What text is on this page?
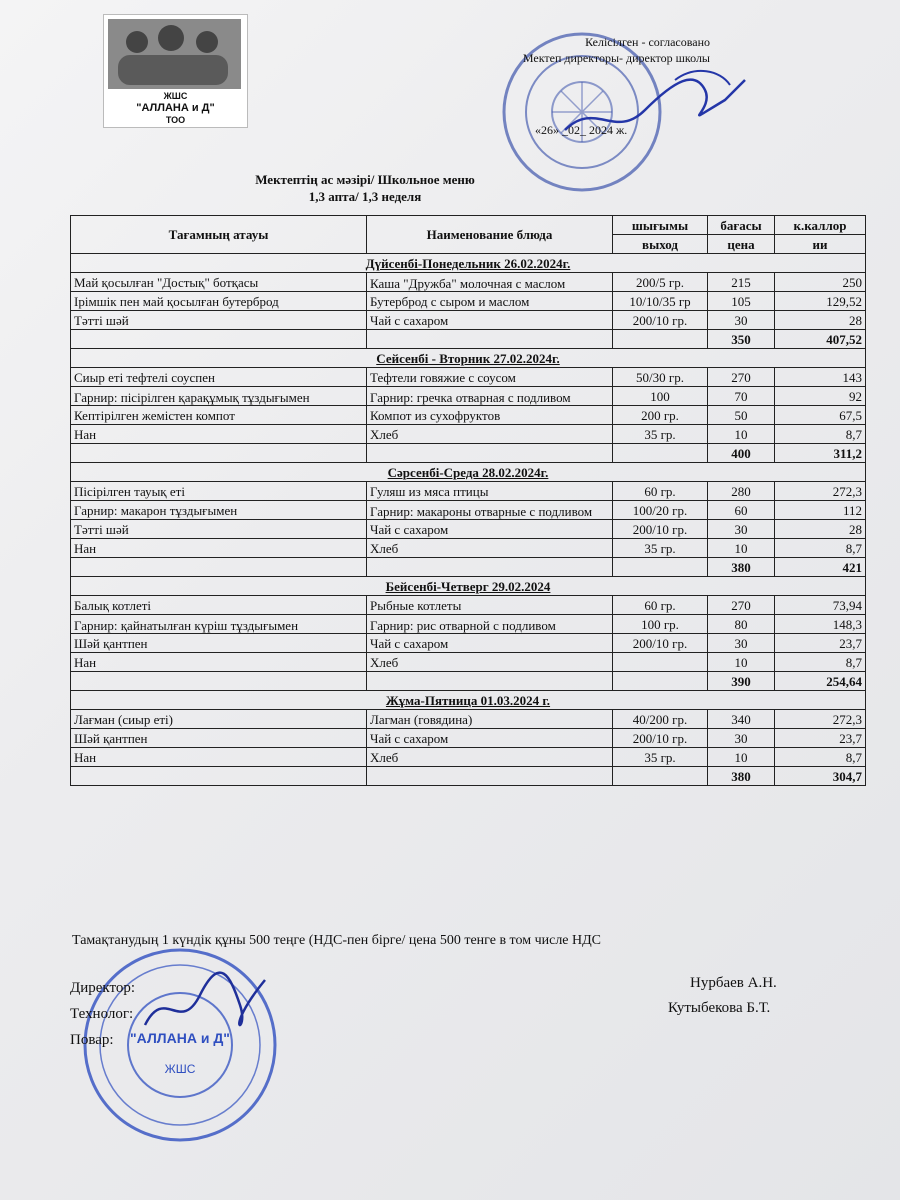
ЖШС
"АЛЛАНА и Д"
ТОО
Келісілген - согласовано
Мектеп директоры- директор школы
«26» _02_ 2024 ж.
Мектептің ас мәзірі/ Школьное меню
1,3 апта/ 1,3 неделя
Тағамның атауы	Наименование блюда	шығымы	бағасы	к.каллор
		выход	цена	ии
Дүйсенбі-Понедельник 26.02.2024г.				
Май қосылған "Достық" ботқасы	Каша "Дружба" молочная с маслом	200/5 гр.	215	250
Ірімшік пен май қосылған бутерброд	Бутерброд с сыром и маслом	10/10/35 гр	105	129,52
Тәтті шәй	Чай с сахаром	200/10 гр.	30	28
			350	407,52
Сейсенбі - Вторник 27.02.2024г.				
Сиыр еті тефтелі соуспен	Тефтели говяжие с соусом	50/30 гр.	270	143
Гарнир: пісірілген қарақұмық тұздығымен	Гарнир: гречка отварная с подливом	100	70	92
Кептірілген жемістен компот	Компот из сухофруктов	200 гр.	50	67,5
Нан	Хлеб	35 гр.	10	8,7
			400	311,2
Сәрсенбі-Среда 28.02.2024г.				
Пісірілген тауық еті	Гуляш из мяса птицы	60 гр.	280	272,3
Гарнир: макарон тұздығымен	Гарнир: макароны отварные с подливом	100/20 гр.	60	112
Тәтті шәй	Чай с сахаром	200/10 гр.	30	28
Нан	Хлеб	35 гр.	10	8,7
			380	421
Бейсенбі-Четверг 29.02.2024				
Балық котлеті	Рыбные котлеты	60 гр.	270	73,94
Гарнир: қайнатылған күріш тұздығымен	Гарнир: рис отварной с подливом	100 гр.	80	148,3
Шәй қантпен	Чай с сахаром	200/10 гр.	30	23,7
Нан	Хлеб		10	8,7
			390	254,64
Жұма-Пятница 01.03.2024 г.				
Лағман (сиыр еті)	Лагман (говядина)	40/200 гр.	340	272,3
Шәй қантпен	Чай с сахаром	200/10 гр.	30	23,7
Нан	Хлеб	35 гр.	10	8,7
			380	304,7
Тамақтанудың 1 күндік құны 500 теңге (НДС-пен бірге/ цена 500 тенге в том числе НДС
"АЛЛАНА и Д"
ЖШС
Директор:
Технолог:
Повар:
Нурбаев А.Н.
Кутыбекова Б.Т.
